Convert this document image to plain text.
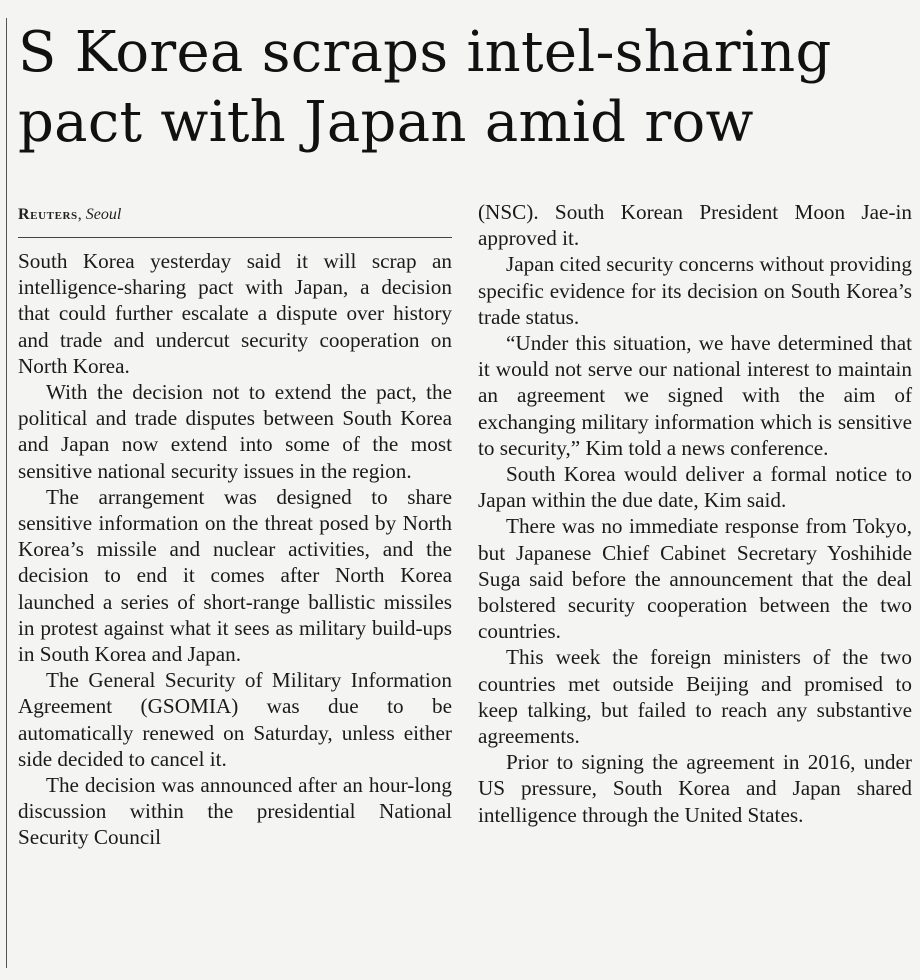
S Korea scraps intel-sharing pact with Japan amid row
Reuters, Seoul

South Korea yesterday said it will scrap an intelligence-sharing pact with Japan, a decision that could further escalate a dispute over history and trade and undercut security cooperation on North Korea.

With the decision not to extend the pact, the political and trade disputes between South Korea and Japan now extend into some of the most sensitive national security issues in the region.

The arrangement was designed to share sensitive information on the threat posed by North Korea’s missile and nuclear activities, and the decision to end it comes after North Korea launched a series of short-range ballistic missiles in protest against what it sees as military build-ups in South Korea and Japan.

The General Security of Military Information Agreement (GSOMIA) was due to be automatically renewed on Saturday, unless either side decided to cancel it.

The decision was announced after an hour-long discussion within the presidential National Security Council

(NSC). South Korean President Moon Jae-in approved it.

Japan cited security concerns without providing specific evidence for its decision on South Korea’s trade status.

“Under this situation, we have determined that it would not serve our national interest to maintain an agreement we signed with the aim of exchanging military information which is sensitive to security,” Kim told a news conference.

South Korea would deliver a formal notice to Japan within the due date, Kim said.

There was no immediate response from Tokyo, but Japanese Chief Cabinet Secretary Yoshihide Suga said before the announcement that the deal bolstered security cooperation between the two countries.

This week the foreign ministers of the two countries met outside Beijing and promised to keep talking, but failed to reach any substantive agreements.

Prior to signing the agreement in 2016, under US pressure, South Korea and Japan shared intelligence through the United States.
